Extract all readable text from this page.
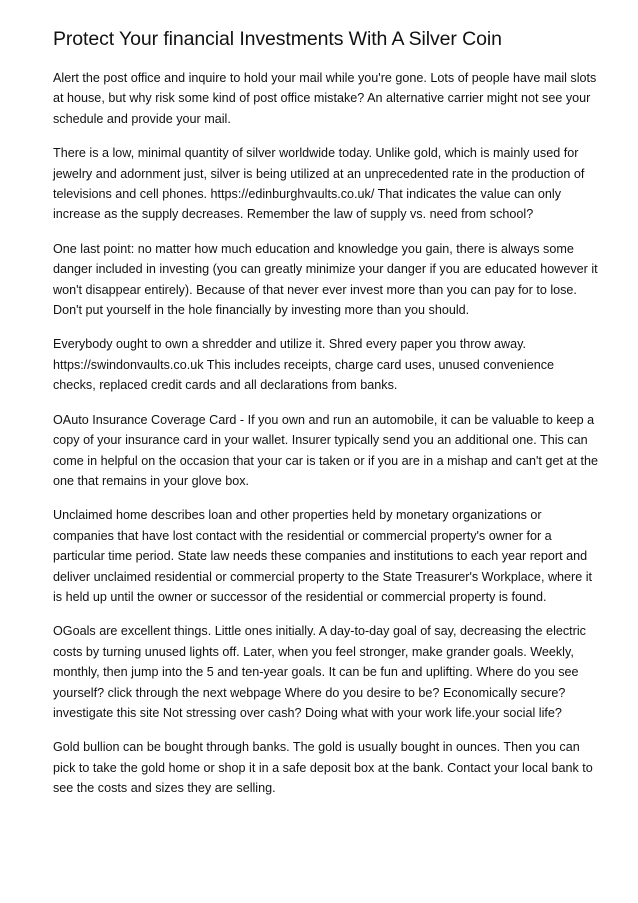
Protect Your financial Investments With A Silver Coin

Alert the post office and inquire to hold your mail while you're gone. Lots of people have mail slots at house, but why risk some kind of post office mistake? An alternative carrier might not see your schedule and provide your mail.

There is a low, minimal quantity of silver worldwide today. Unlike gold, which is mainly used for jewelry and adornment just, silver is being utilized at an unprecedented rate in the production of televisions and cell phones. https://edinburghvaults.co.uk/ That indicates the value can only increase as the supply decreases. Remember the law of supply vs. need from school?

One last point: no matter how much education and knowledge you gain, there is always some danger included in investing (you can greatly minimize your danger if you are educated however it won't disappear entirely). Because of that never ever invest more than you can pay for to lose. Don't put yourself in the hole financially by investing more than you should.

Everybody ought to own a shredder and utilize it. Shred every paper you throw away. https://swindonvaults.co.uk This includes receipts, charge card uses, unused convenience checks, replaced credit cards and all declarations from banks.

OAuto Insurance Coverage Card - If you own and run an automobile, it can be valuable to keep a copy of your insurance card in your wallet. Insurer typically send you an additional one. This can come in helpful on the occasion that your car is taken or if you are in a mishap and can't get at the one that remains in your glove box.

Unclaimed home describes loan and other properties held by monetary organizations or companies that have lost contact with the residential or commercial property's owner for a particular time period. State law needs these companies and institutions to each year report and deliver unclaimed residential or commercial property to the State Treasurer's Workplace, where it is held up until the owner or successor of the residential or commercial property is found.

OGoals are excellent things. Little ones initially. A day-to-day goal of say, decreasing the electric costs by turning unused lights off. Later, when you feel stronger, make grander goals. Weekly, monthly, then jump into the 5 and ten-year goals. It can be fun and uplifting. Where do you see yourself? click through the next webpage Where do you desire to be? Economically secure? investigate this site Not stressing over cash? Doing what with your work life.your social life?

Gold bullion can be bought through banks. The gold is usually bought in ounces. Then you can pick to take the gold home or shop it in a safe deposit box at the bank. Contact your local bank to see the costs and sizes they are selling.
